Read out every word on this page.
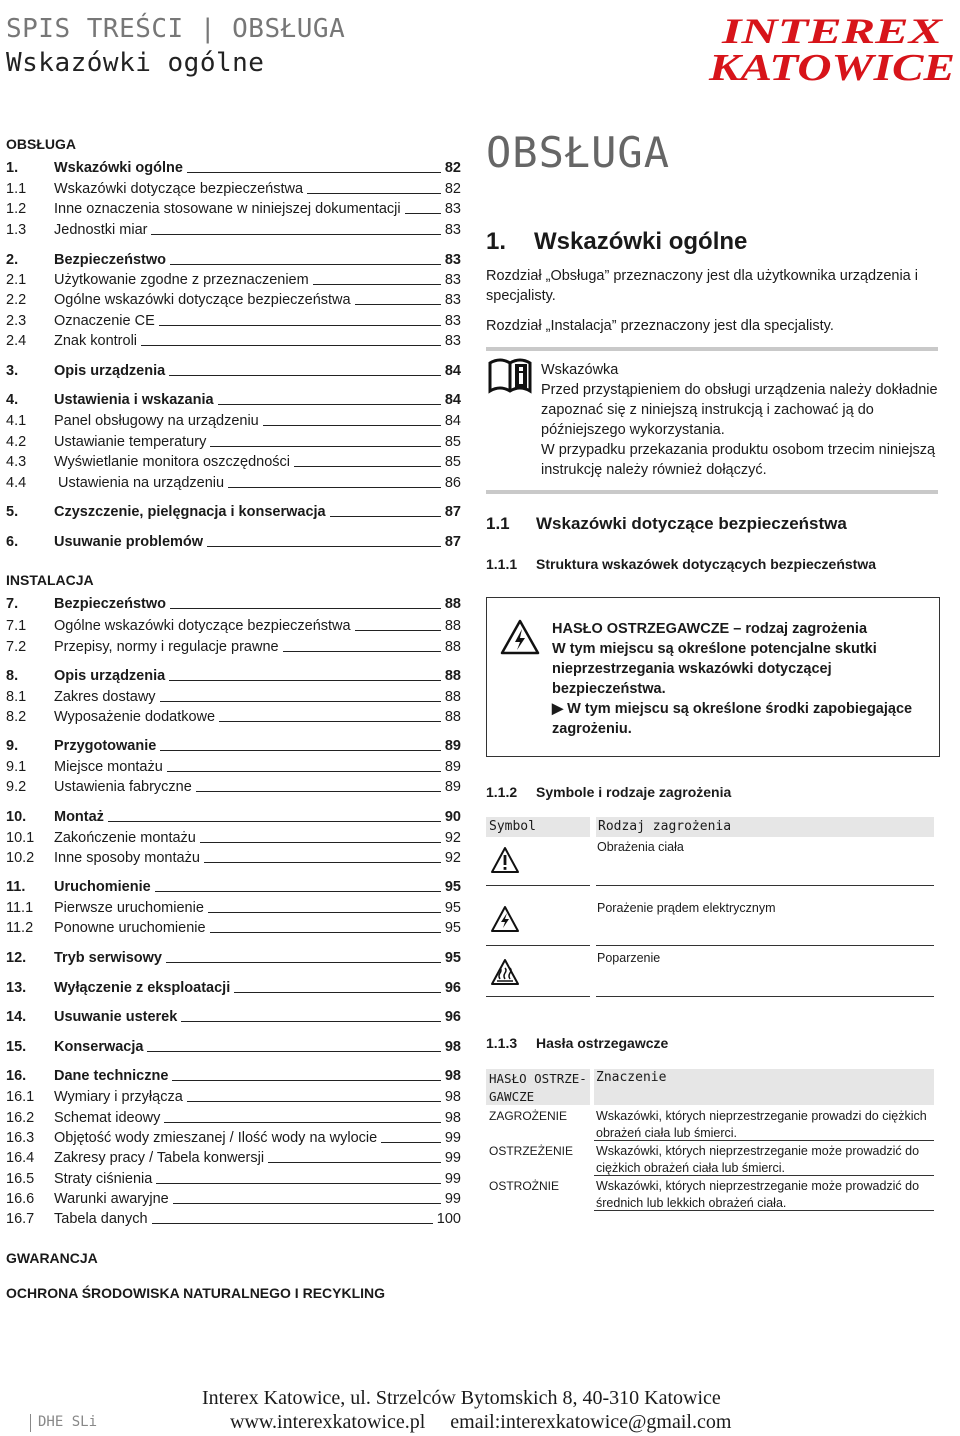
SPIS TREŚCI | OBSŁUGA
Wskazówki ogólne
INTEREX
KATOWICE
OBSŁUGA
INSTALACJA
GWARANCJA
OCHRONA ŚRODOWISKA NATURALNEGO I RECYKLING
1.	Wskazówki ogólne	82
1.1	Wskazówki dotyczące bezpieczeństwa	82
1.2	Inne oznaczenia stosowane w niniejszej dokumentacji	83
1.3	Jednostki miar	83
2.	Bezpieczeństwo	83
2.1	Użytkowanie zgodne z przeznaczeniem	83
2.2	Ogólne wskazówki dotyczące bezpieczeństwa	83
2.3	Oznaczenie CE	83
2.4	Znak kontroli	83
3.	Opis urządzenia	84
4.	Ustawienia i wskazania	84
4.1	Panel obsługowy na urządzeniu	84
4.2	Ustawianie temperatury	85
4.3	Wyświetlanie monitora oszczędności	85
4.4	Ustawienia na urządzeniu	86
5.	Czyszczenie, pielęgnacja i konserwacja	87
6.	Usuwanie problemów	87
7.	Bezpieczeństwo	88
7.1	Ogólne wskazówki dotyczące bezpieczeństwa	88
7.2	Przepisy, normy i regulacje prawne	88
8.	Opis urządzenia	88
8.1	Zakres dostawy	88
8.2	Wyposażenie dodatkowe	88
9.	Przygotowanie	89
9.1	Miejsce montażu	89
9.2	Ustawienia fabryczne	89
10.	Montaż	90
10.1	Zakończenie montażu	92
10.2	Inne sposoby montażu	92
11.	Uruchomienie	95
11.1	Pierwsze uruchomienie	95
11.2	Ponowne uruchomienie	95
12.	Tryb serwisowy	95
13.	Wyłączenie z eksploatacji	96
14.	Usuwanie usterek	96
15.	Konserwacja	98
16.	Dane techniczne	98
16.1	Wymiary i przyłącza	98
16.2	Schemat ideowy	98
16.3	Objętość wody zmieszanej / Ilość wody na wylocie	99
16.4	Zakresy pracy / Tabela konwersji	99
16.5	Straty ciśnienia	99
16.6	Warunki awaryjne	99
16.7	Tabela danych	100
OBSŁUGA
1. Wskazówki ogólne
Rozdział „Obsługa” przeznaczony jest dla użytkownika urządzenia i specjalisty.
Rozdział „Instalacja” przeznaczony jest dla specjalisty.
Wskazówka
Przed przystąpieniem do obsługi urządzenia należy dokładnie zapoznać się z niniejszą instrukcją i zachować ją do późniejszego wykorzystania.
W przypadku przekazania produktu osobom trzecim niniejszą instrukcję należy również dołączyć.
1.1 Wskazówki dotyczące bezpieczeństwa
1.1.1 Struktura wskazówek dotyczących bezpieczeństwa
HASŁO OSTRZEGAWCZE – rodzaj zagrożenia
W tym miejscu są określone potencjalne skutki nieprzestrzegania wskazówki dotyczącej bezpieczeństwa.
▶ W tym miejscu są określone środki zapobiegające zagrożeniu.
1.1.2 Symbole i rodzaje zagrożenia
Symbol	Rodzaj zagrożenia
Obrażenia ciała
Porażenie prądem elektrycznym
Poparzenie
1.1.3 Hasła ostrzegawcze
HASŁO OSTRZE-GAWCZE
Znaczenie
ZAGROŻENIE Wskazówki, których nieprzestrzeganie prowadzi do ciężkich obrażeń ciała lub śmierci.
OSTRZEŻENIE Wskazówki, których nieprzestrzeganie może prowadzić do ciężkich obrażeń ciała lub śmierci.
OSTROŻNIE	Wskazówki, których nieprzestrzeganie może prowadzić do średnich lub lekkich obrażeń ciała.
DHE SLi
Interex Katowice, ul. Strzelców Bytomskich 8, 40-310 Katowice
www.interexkatowice.pl     email:interexkatowice@gmail.com
